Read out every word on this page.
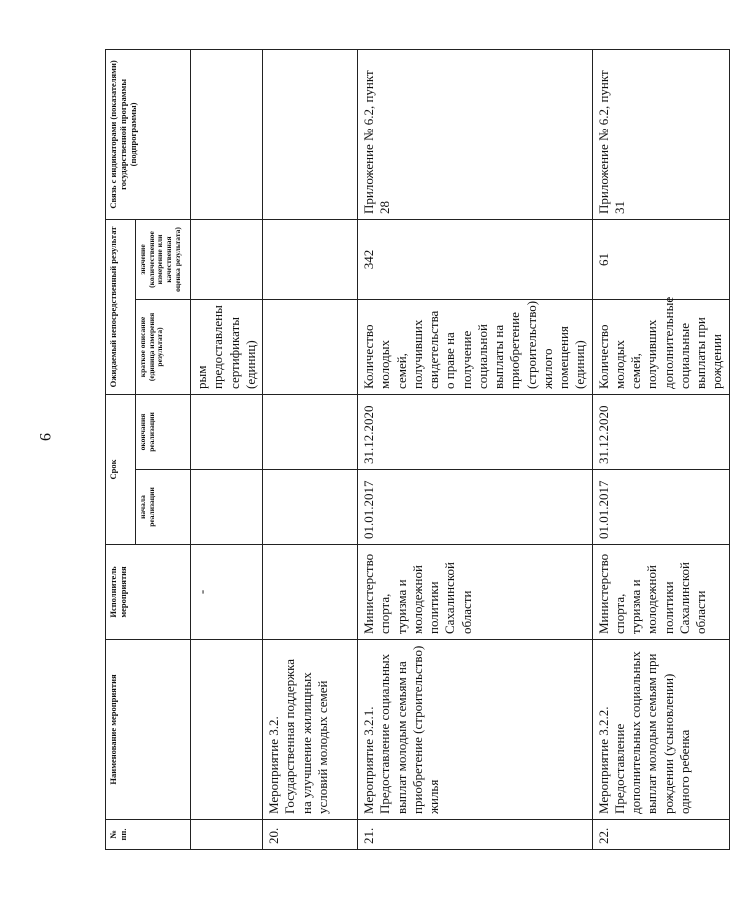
9
№ пп.	Наименование мероприятия	Исполнитель мероприятия	Срок		Ожидаемый непосредственный результат		Связь с индикаторами (показателями) государственной программы (подпрограммы)
			начала реализации	окончания реализации	краткое описание (единица измерения результата)	значение (количественное измерение или качественная оценка результата)	
		-			рым предоставлены сертификаты (единиц)		
20.	Мероприятие 3.2. Государственная поддержка на улучшение жилищных условий молодых семей						
21.	Мероприятие 3.2.1. Предоставление социальных выплат молодым семьям на приобретение (строительство) жилья	Министерство спорта, туризма и молодежной политики Сахалинской области	01.01.2017	31.12.2020	Количество молодых семей, получивших свидетельства о праве на получение социальной выплаты на приобретение (строительство) жилого помещения (единиц)	342	Приложение № 6.2, пункт 28
22.	Мероприятие 3.2.2. Предоставление дополнительных социальных выплат молодым семьям при рождении (усыновлении) одного ребенка	Министерство спорта, туризма и молодежной политики Сахалинской области	01.01.2017	31.12.2020	Количество молодых семей, получивших дополнительные социальные выплаты при рождении	61	Приложение № 6.2, пункт 31
